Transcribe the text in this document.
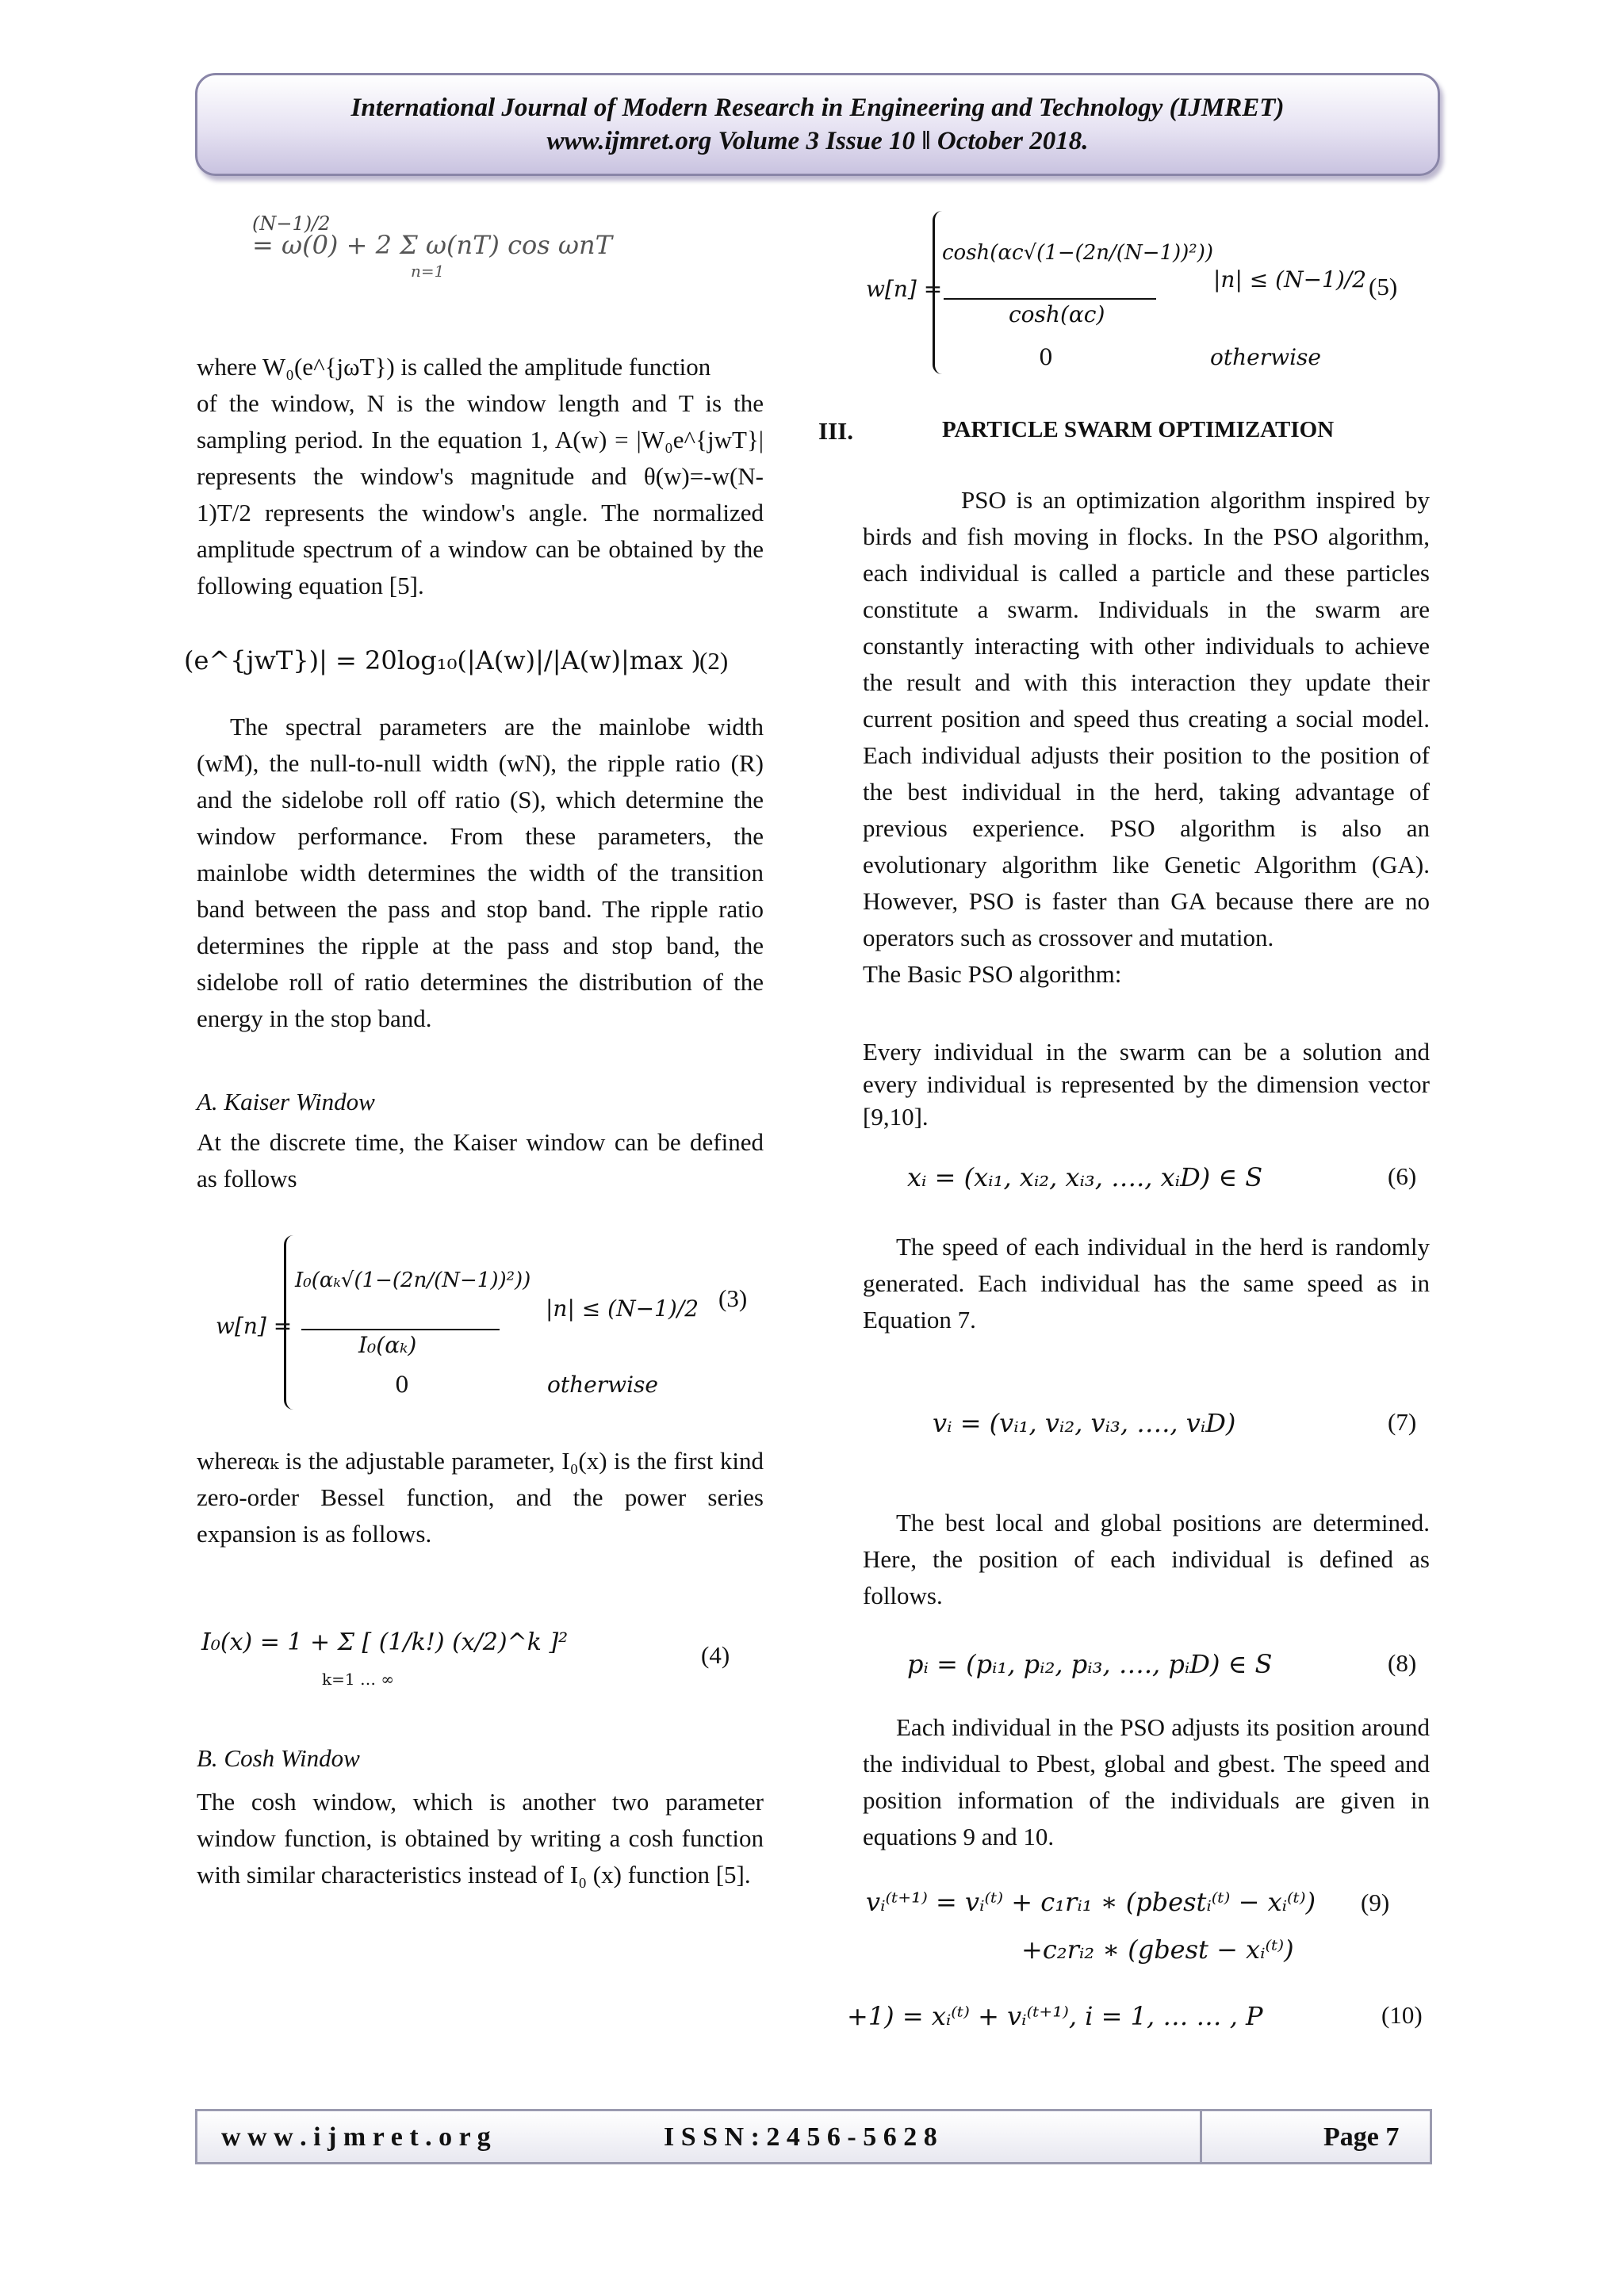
International Journal of Modern Research in Engineering and Technology (IJMRET)
www.ijmret.org Volume 3 Issue 10 ǁ October 2018.
(N−1)/2
= ω(0) + 2 Σ ω(nT) cos ωnT
n=1

where W₀(e^{jωT}) is called the amplitude function

of the window, N is the window length and T is the sampling period. In the equation 1, A(w) = |W₀e^{jwT}| represents the window's magnitude and θ(w)=-w(N-1)T/2 represents the window's angle. The normalized amplitude spectrum of a window can be obtained by the following equation [5].

(e^{jwT})| = 20log₁₀(|A(w)|/|A(w)|max )
(2)

The spectral parameters are the mainlobe width (wM), the null-to-null width (wN), the ripple ratio (R) and the sidelobe roll off ratio (S), which determine the window performance. From these parameters, the mainlobe width determines the width of the transition band between the pass and stop band. The ripple ratio determines the ripple at the pass and stop band, the sidelobe roll of ratio determines the distribution of the energy in the stop band.

A. Kaiser Window

At the discrete time, the Kaiser window can be defined as follows

w[n] =
I₀(αₖ√(1−(2n/(N−1))²))
I₀(αₖ)
|n| ≤ (N−1)/2
0	otherwise
(3)

whereαₖ is the adjustable parameter, I₀(x) is the first kind zero-order Bessel function, and the power series expansion is as follows.

I₀(x) = 1 + Σ [ (1/k!) (x/2)^k ]²
k=1 … ∞
(4)
B. Cosh Window

The cosh window, which is another two parameter window function, is obtained by writing a cosh function with similar characteristics instead of I₀ (x) function [5].

w[n] =
cosh(αc√(1−(2n/(N−1))²))
cosh(αc)
|n| ≤ (N−1)/2
0	otherwise
(5)
III.	PARTICLE SWARM OPTIMIZATION

PSO is an optimization algorithm inspired by birds and fish moving in flocks. In the PSO algorithm, each individual is called a particle and these particles constitute a swarm. Individuals in the swarm are constantly interacting with other individuals to achieve the result and with this interaction they update their current position and speed thus creating a social model. Each individual adjusts their position to the position of the best individual in the herd, taking advantage of previous experience. PSO algorithm is also an evolutionary algorithm like Genetic Algorithm (GA). However, PSO is faster than GA because there are no operators such as crossover and mutation.

The Basic PSO algorithm:

Every individual in the swarm can be a solution and every individual is represented by the dimension vector [9,10].

xᵢ = (xᵢ₁, xᵢ₂, xᵢ₃, …., xᵢD) ∈ S	(6)

The speed of each individual in the herd is randomly generated. Each individual has the same speed as in Equation 7.

vᵢ = (vᵢ₁, vᵢ₂, vᵢ₃, …., vᵢD)	(7)

The best local and global positions are determined. Here, the position of each individual is defined as follows.

pᵢ = (pᵢ₁, pᵢ₂, pᵢ₃, …., pᵢD) ∈ S	(8)

Each individual in the PSO adjusts its position around the individual to Pbest, global and gbest. The speed and position information of the individuals are given in equations 9 and 10.

vᵢ⁽ᵗ⁺¹⁾ = vᵢ⁽ᵗ⁾ + c₁rᵢ₁ ∗ (pbestᵢ⁽ᵗ⁾ − xᵢ⁽ᵗ⁾)
+c₂rᵢ₂ ∗ (gbest − xᵢ⁽ᵗ⁾)
(9)
+1) = xᵢ⁽ᵗ⁾ + vᵢ⁽ᵗ⁺¹⁾, i = 1, … … , P	(10)
w w w . i j m r e t . o r g	I S S N : 2 4 5 6 - 5 6 2 8	Page 7
